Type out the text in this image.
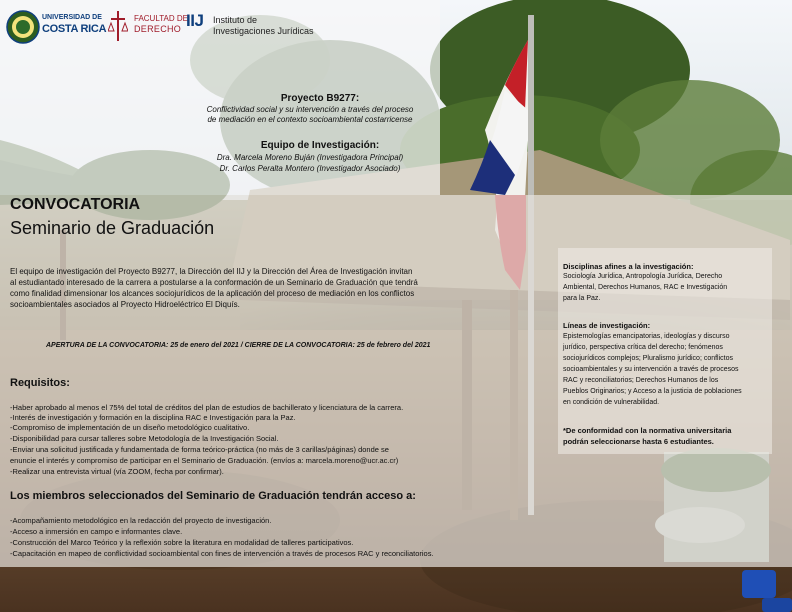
UNIVERSIDAD DE
COSTA RICA
FACULTAD DE
DERECHO IIJ Instituto de
Investigaciones Jurídicas
Proyecto B9277:
Conflictividad social y su intervención a través del proceso
de mediación en el contexto socioambiental costarricense
Equipo de Investigación:
Dra. Marcela Moreno Buján (Investigadora Principal)
Dr. Carlos Peralta Montero (Investigador Asociado)
CONVOCATORIA
Seminario de Graduación
El equipo de investigación del Proyecto B9277, la Dirección del IIJ y la Dirección del Área de Investigación invitan
al estudiantado interesado de la carrera a postularse a la conformación de un Seminario de Graduación que tendrá
como finalidad dimensionar los alcances sociojurídicos de la aplicación del proceso de mediación en los conflictos
socioambientales asociados al Proyecto Hidroeléctrico El Diquís.
APERTURA DE LA CONVOCATORIA: 25 de enero del 2021 / CIERRE DE LA CONVOCATORIA: 25 de febrero del 2021
Requisitos:
-Haber aprobado al menos el 75% del total de créditos del plan de estudios de bachillerato y licenciatura de la carrera.
-Interés de investigación y formación en la disciplina RAC e Investigación para la Paz.
-Compromiso de implementación de un diseño metodológico cualitativo.
-Disponibilidad para cursar talleres sobre Metodología de la Investigación Social.
-Enviar una solicitud justificada y fundamentada de forma teórico-práctica (no más de 3 carillas/páginas) donde se
enuncie el interés y compromiso de participar en el Seminario de Graduación. (envíos a: marcela.moreno@ucr.ac.cr)
-Realizar una entrevista virtual (vía ZOOM, fecha por confirmar).
Los miembros seleccionados del Seminario de Graduación tendrán acceso a:
-Acompañamiento metodológico en la redacción del proyecto de investigación.
-Acceso a inmersión en campo e informantes clave.
-Construcción del Marco Teórico y la reflexión sobre la literatura en modalidad de talleres participativos.
-Capacitación en mapeo de conflictividad socioambiental con fines de intervención a través de procesos RAC y reconciliatorios.
Disciplinas afines a la investigación:
Sociología Jurídica, Antropología Jurídica, Derecho
Ambiental, Derechos Humanos, RAC e Investigación
para la Paz.
Líneas de investigación:
Epistemologías emancipatorias, ideologías y discurso
jurídico, perspectiva crítica del derecho; fenómenos
sociojurídicos complejos; Pluralismo jurídico; conflictos
socioambientales y su intervención a través de procesos
RAC y reconciliatorios; Derechos Humanos de los
Pueblos Originarios; y Acceso a la justicia de poblaciones
en condición de vulnerabilidad.
*De conformidad con la normativa universitaria
podrán seleccionarse hasta 6 estudiantes.
